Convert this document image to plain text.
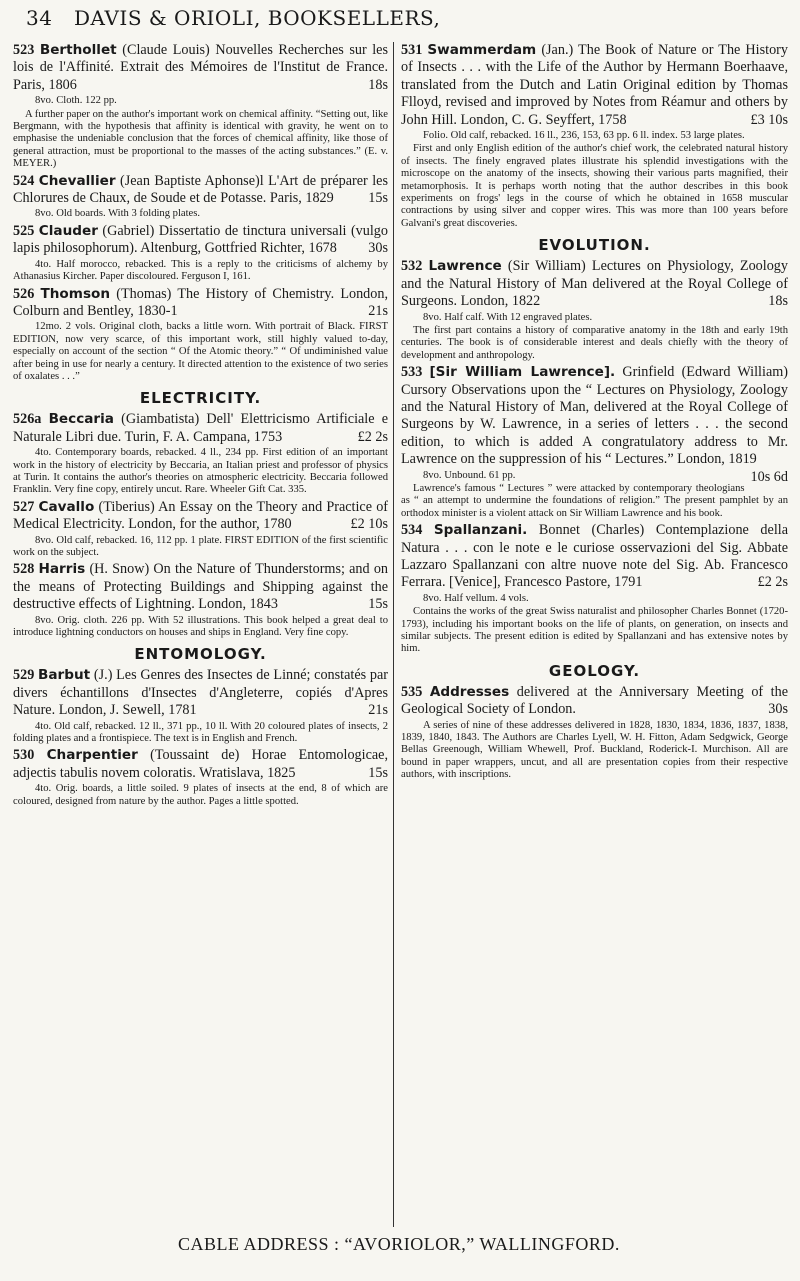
34 DAVIS & ORIOLI, BOOKSELLERS,

523 Berthollet (Claude Louis) Nouvelles Recherches sur les lois de l'Affinité. Extrait des Mémoires de l'Institut de France. Paris, 1806	18s

8vo. Cloth. 122 pp.

A further paper on the author's important work on chemical affinity. “Setting out, like Bergmann, with the hypothesis that affinity is identical with gravity, he went on to emphasise the undeniable conclusion that the forces of chemical affinity, like those of general attraction, must be proportional to the masses of the acting substances.” (E. v. MEYER.)

524 Chevallier (Jean Baptiste Aphonse)l L'Art de préparer les Chlorures de Chaux, de Soude et de Potasse. Paris, 1829 15s

8vo. Old boards. With 3 folding plates.

525 Clauder (Gabriel) Dissertatio de tinctura universali (vulgo lapis philosophorum). Altenburg, Gottfried Richter, 1678 30s

4to. Half morocco, rebacked. This is a reply to the criticisms of alchemy by Athanasius Kircher. Paper discoloured. Ferguson I, 161.

526 Thomson (Thomas) The History of Chemistry. London, Colburn and Bentley, 1830-1	21s

12mo. 2 vols. Original cloth, backs a little worn. With portrait of Black. FIRST EDITION, now very scarce, of this important work, still highly valued to-day, especially on account of the section “ Of the Atomic theory.” “ Of undiminished value after being in use for nearly a century. It directed attention to the existence of two series of oxalates . . .”

ELECTRICITY.

526a Beccaria (Giambatista) Dell' Elettricismo Artificiale e Naturale Libri due. Turin, F. A. Campana, 1753	£2 2s

4to. Contemporary boards, rebacked. 4 ll., 234 pp. First edition of an important work in the history of electricity by Beccaria, an Italian priest and professor of physics at Turin. It contains the author's theories on atmospheric electricity. Beccaria followed Franklin. Very fine copy, entirely uncut. Rare. Wheeler Gift Cat. 335.

527 Cavallo (Tiberius) An Essay on the Theory and Practice of Medical Electricity. London, for the author, 1780	£2 10s

8vo. Old calf, rebacked. 16, 112 pp. 1 plate. FIRST EDITION of the first scientific work on the subject.

528 Harris (H. Snow) On the Nature of Thunderstorms; and on the means of Protecting Buildings and Shipping against the destructive effects of Lightning. London, 1843	15s

8vo. Orig. cloth. 226 pp. With 52 illustrations. This book helped a great deal to introduce lightning conductors on houses and ships in England. Very fine copy.

ENTOMOLOGY.

529 Barbut (J.) Les Genres des Insectes de Linné; constatés par divers échantillons d'Insectes d'Angleterre, copiés d'Apres Nature. London, J. Sewell, 1781	21s

4to. Old calf, rebacked. 12 ll., 371 pp., 10 ll. With 20 coloured plates of insects, 2 folding plates and a frontispiece. The text is in English and French.

530 Charpentier (Toussaint de) Horae Entomologicae, adjectis tabulis novem coloratis. Wratislava, 1825	15s

4to. Orig. boards, a little soiled. 9 plates of insects at the end, 8 of which are coloured, designed from nature by the author. Pages a little spotted.

531 Swammerdam (Jan.) The Book of Nature or The History of Insects . . . with the Life of the Author by Hermann Boerhaave, translated from the Dutch and Latin Original edition by Thomas Flloyd, revised and improved by Notes from Réamur and others by John Hill. London, C. G. Seyffert, 1758	£3 10s

Folio. Old calf, rebacked. 16 ll., 236, 153, 63 pp. 6 ll. index. 53 large plates.

First and only English edition of the author's chief work, the celebrated natural history of insects. The finely engraved plates illustrate his splendid investigations with the microscope on the anatomy of the insects, showing their various parts magnified, their metamorphosis. It is perhaps worth noting that the author describes in this book experiments on frogs' legs in the course of which he obtained in 1658 muscular contractions by using silver and copper wires. This was more than 100 years before Galvani's great discoveries.

EVOLUTION.

532 Lawrence (Sir William) Lectures on Physiology, Zoology and the Natural History of Man delivered at the Royal College of Surgeons. London, 1822	18s

8vo. Half calf. With 12 engraved plates.

The first part contains a history of comparative anatomy in the 18th and early 19th centuries. The book is of considerable interest and deals chiefly with the theory of development and anthropology.

533 [Sir William Lawrence]. Grinfield (Edward William) Cursory Observations upon the “ Lectures on Physiology, Zoology and the Natural History of Man, delivered at the Royal College of Surgeons by W. Lawrence, in a series of letters . . . the second edition, to which is added A congratulatory address to Mr. Lawrence on the suppression of his “ Lectures.” London, 1819
10s 6d

8vo. Unbound. 61 pp.

Lawrence's famous “ Lectures ” were attacked by contemporary theologians as “ an attempt to undermine the foundations of religion.” The present pamphlet by an orthodox minister is a violent attack on Sir William Lawrence and his book.

534 Spallanzani. Bonnet (Charles) Contemplazione della Natura . . . con le note e le curiose osservazioni del Sig. Abbate Lazzaro Spallanzani con altre nuove note del Sig. Ab. Francesco Ferrara. [Venice], Francesco Pastore, 1791	£2 2s

8vo. Half vellum. 4 vols.

Contains the works of the great Swiss naturalist and philosopher Charles Bonnet (1720-1793), including his important books on the life of plants, on generation, on insects and similar subjects. The present edition is edited by Spallanzani and has extensive notes by him.

GEOLOGY.

535 Addresses delivered at the Anniversary Meeting of the Geological Society of London.	30s

A series of nine of these addresses delivered in 1828, 1830, 1834, 1836, 1837, 1838, 1839, 1840, 1843. The Authors are Charles Lyell, W. H. Fitton, Adam Sedgwick, George Bellas Greenough, William Whewell, Prof. Buckland, Roderick-I. Murchison. All are bound in paper wrappers, uncut, and all are presentation copies from their respective authors, with inscriptions.

CABLE ADDRESS : “AVORIOLOR,” WALLINGFORD.
